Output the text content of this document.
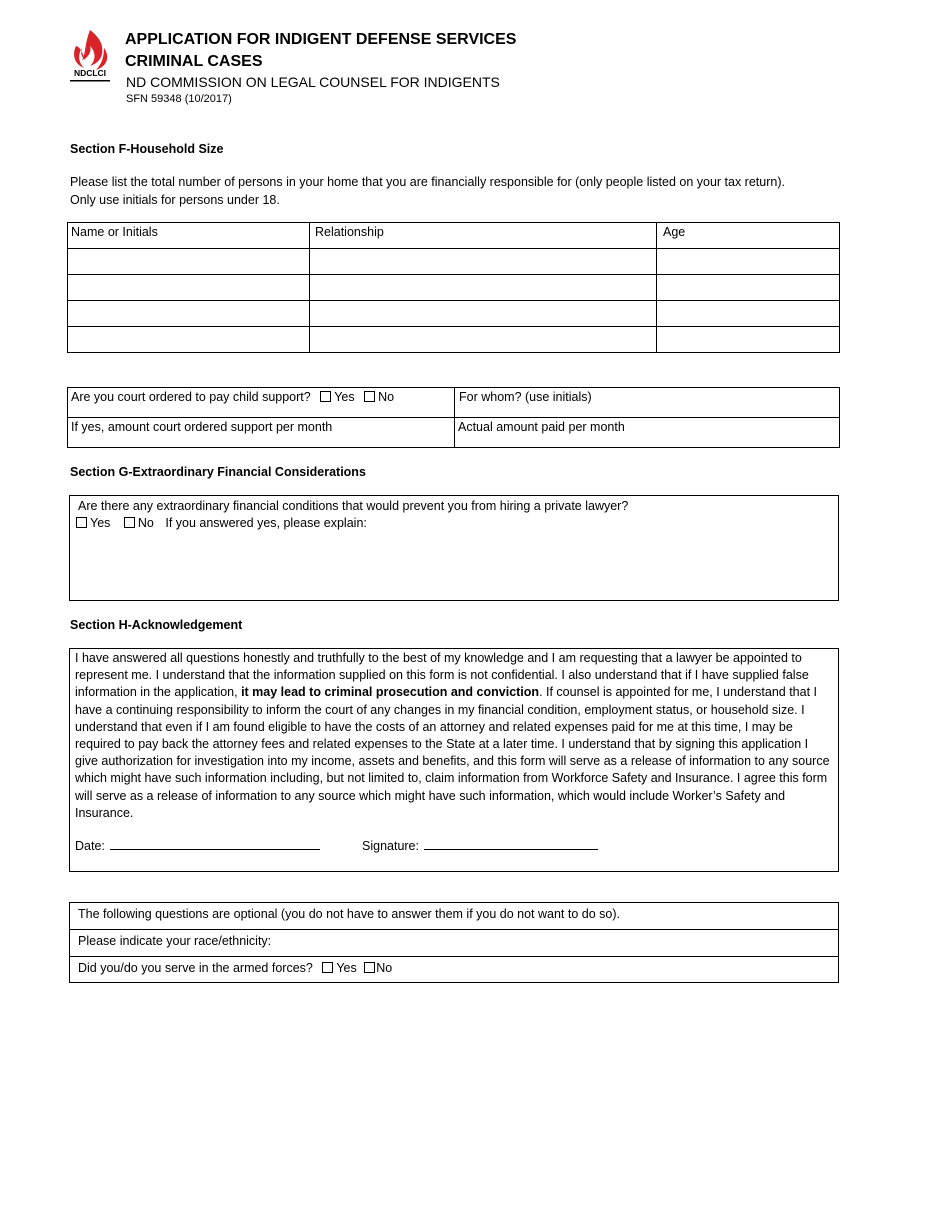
NDCLCI
APPLICATION FOR INDIGENT DEFENSE SERVICES
CRIMINAL CASES
ND COMMISSION ON LEGAL COUNSEL FOR INDIGENTS
SFN 59348 (10/2017)
Section F-Household Size
Please list the total number of persons in your home that you are financially responsible for (only people listed on your tax return).
Only use initials for persons under 18.
Name or Initials	Relationship	Age

Are you court ordered to pay child support? Yes No	For whom? (use initials)
If yes, amount court ordered support per month	Actual amount paid per month
Section G-Extraordinary Financial Considerations
Are there any extraordinary financial conditions that would prevent you from hiring a private lawyer?
Yes No If you answered yes, please explain:
Section H-Acknowledgement
I have answered all questions honestly and truthfully to the best of my knowledge and I am requesting that a lawyer be appointed to represent me. I understand that the information supplied on this form is not confidential. I also understand that if I have supplied false information in the application, it may lead to criminal prosecution and conviction. If counsel is appointed for me, I understand that I have a continuing responsibility to inform the court of any changes in my financial condition, employment status, or household size. I understand that even if I am found eligible to have the costs of an attorney and related expenses paid for me at this time, I may be required to pay back the attorney fees and related expenses to the State at a later time. I understand that by signing this application I give authorization for investigation into my income, assets and benefits, and this form will serve as a release of information to any source which might have such information including, but not limited to, claim information from Workforce Safety and Insurance. I agree this form will serve as a release of information to any source which might have such information, which would include Worker’s Safety and Insurance.
Date:	Signature:
The following questions are optional (you do not have to answer them if you do not want to do so).
Please indicate your race/ethnicity:
Did you/do you serve in the armed forces? Yes No
